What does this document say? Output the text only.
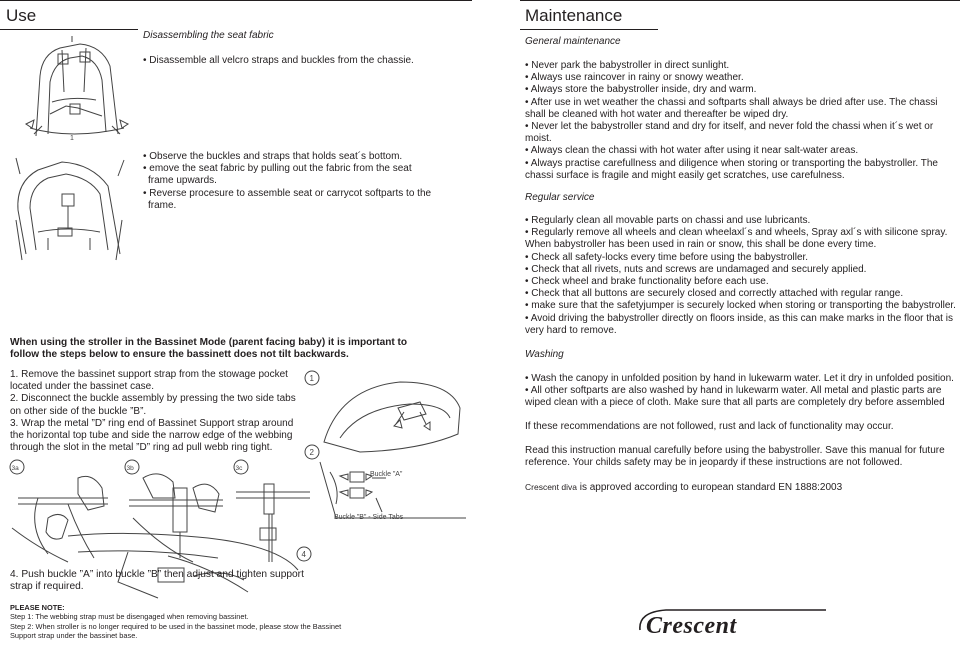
Use
1
Disassembling the seat fabric
• Disassemble all velcro straps and buckles from the chassie.

• Observe the buckles and straps that holds seat´s bottom.

• emove the seat fabric by pulling out the fabric from the seat

frame upwards.

• Reverse procesure to assemble seat or carrycot softparts to the

frame.

When using the stroller in the Bassinet Mode (parent facing baby) it is important to

follow the steps below to ensure the bassinett does not tilt backwards.

1. Remove the bassinet support strap from the stowage pocket

located under the bassinet case.

2. Disconnect the buckle assembly by pressing the two side tabs

on other side of the buckle ”B”.

3. Wrap the metal ”D” ring end of Bassinet Support strap around

the horizontal top tube and side the narrow edge of the webbing

through the slot in the metal ”D” ring ad pull webb ring tight.

1
2
3a	3b	3c
Buckle ”A”
Buckle ”B” - Side Tabs
4

4. Push buckle ”A” into buckle ”B” then adjust and tighten support

strap if required.

PLEASE NOTE:

Step 1: The webbing strap must be disengaged when removing bassinet.

Step 2: When stroller is no longer required to be used in the bassinet mode, please stow the Bassinet

Support strap under the bassinet base.

Maintenance
General maintenance

• Never park the babystroller in direct sunlight.

• Always use raincover in rainy or snowy weather.

• Always store the babystroller inside, dry and warm.

• After use in wet weather the chassi and softparts shall always be dried after use. The chassi

shall be cleaned with hot water and thereafter be wiped dry.

• Never let the babystroller stand and dry for itself, and never fold the chassi when it´s wet or

moist.

• Always clean the chassi with hot water after using it near salt-water areas.

• Always practise carefullness and diligence when storing or transporting the babystroller. The

chassi surface is fragile and might easily get scratches, use carefulness.

Regular service

• Regularly clean all movable parts on chassi and use lubricants.

• Regularly remove all wheels and clean wheelaxl´s and wheels, Spray axl´s with silicone spray.

When babystroller has been used in rain or snow, this shall be done every time.

• Check all safety-locks every time before using the babystroller.

• Check that all rivets, nuts and screws are undamaged and securely applied.

• Check wheel and brake functionality before each use.

• Check that all buttons are securely closed and correctly attached with regular range.

• make sure that the safetyjumper is securely locked when storing or transporting the babystroller.

• Avoid driving the babystroller directly on floors inside, as this can make marks in the floor that is

very hard to remove.

Washing

• Wash the canopy in unfolded position by hand in lukewarm water. Let it dry in unfolded position.

• All other softparts are also washed by hand in lukewarm water. All metal and plastic parts are

wiped clean with a piece of cloth. Make sure that all parts are completely dry before assembled

If these recommendations are not followed, rust and lack of functionality may occur.

Read this instruction manual carefully before using the babystroller. Save this manual for future

reference. Your childs safety may be in jeopardy if these instructions are not followed.

Crescent diva is approved according to european standard EN 1888:2003
Crescent
